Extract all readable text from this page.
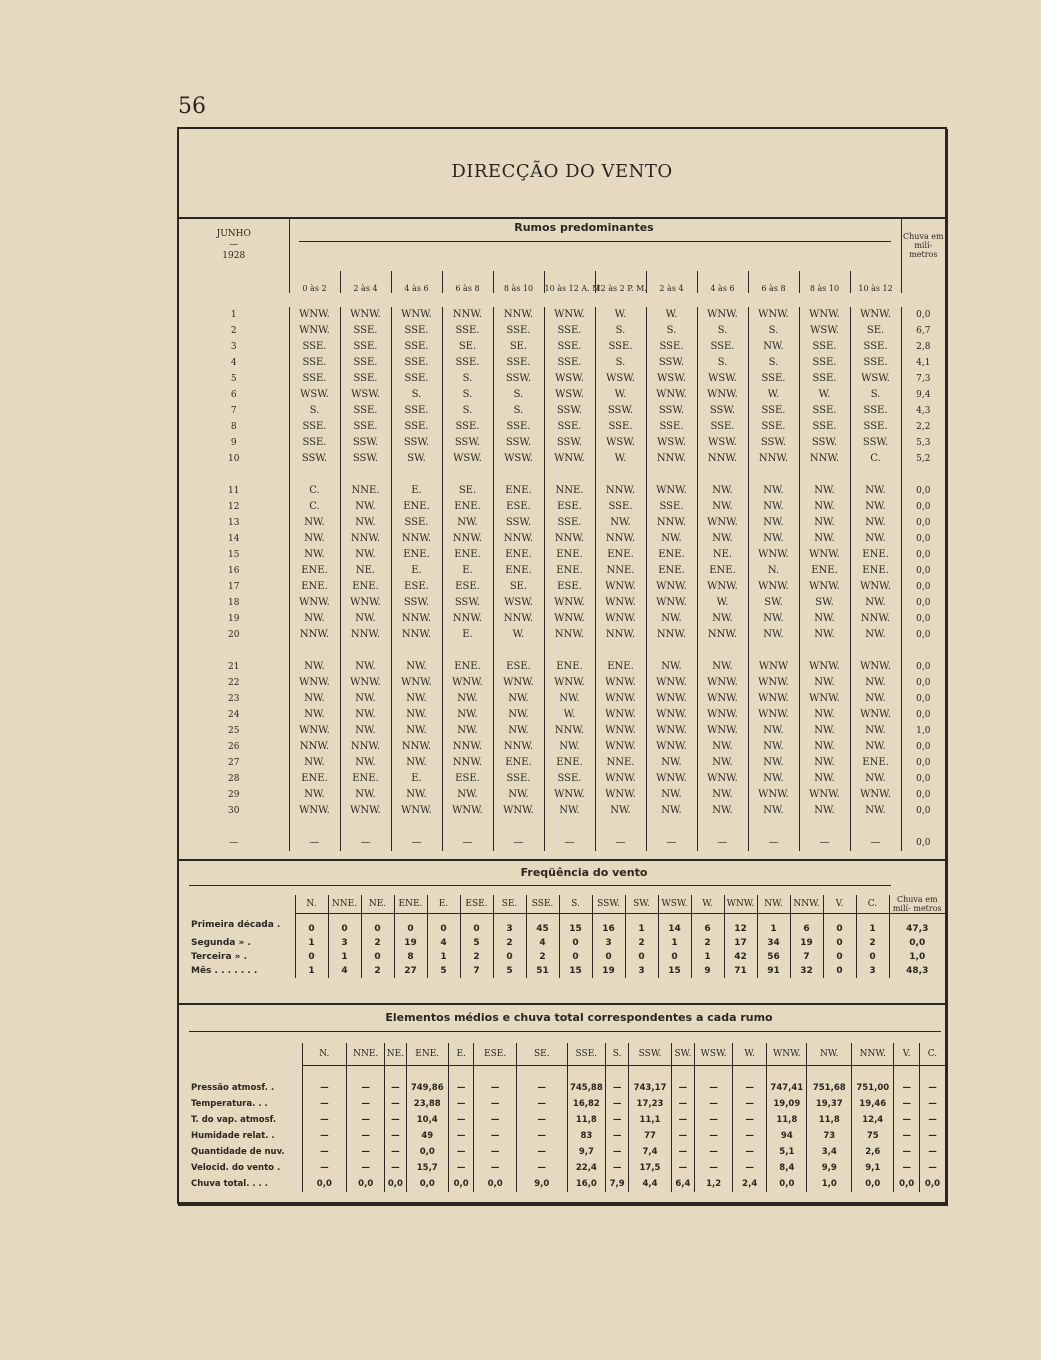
56
DIRECÇÃO DO VENTO
Rumos predominantes
JUNHO
—
1928													Chuva em milí- metros
	0 às 2	2 às 4	4 às 6	6 às 8	8 às 10	10 às 12 A. M.	12 às 2 P. M.	2 às 4	4 às 6	6 às 8	8 às 10	10 às 12	

1	WNW.	WNW.	WNW.	NNW.	NNW.	WNW.	W.	W.	WNW.	WNW.	WNW.	WNW.	0,0
2	WNW.	SSE.	SSE.	SSE.	SSE.	SSE.	S.	S.	S.	S.	WSW.	SE.	6,7
3	SSE.	SSE.	SSE.	SE.	SE.	SSE.	SSE.	SSE.	SSE.	NW.	SSE.	SSE.	2,8
4	SSE.	SSE.	SSE.	SSE.	SSE.	SSE.	S.	SSW.	S.	S.	SSE.	SSE.	4,1
5	SSE.	SSE.	SSE.	S.	SSW.	WSW.	WSW.	WSW.	WSW.	SSE.	SSE.	WSW.	7,3
6	WSW.	WSW.	S.	S.	S.	WSW.	W.	WNW.	WNW.	W.	W.	S.	9,4
7	S.	SSE.	SSE.	S.	S.	SSW.	SSW.	SSW.	SSW.	SSE.	SSE.	SSE.	4,3
8	SSE.	SSE.	SSE.	SSE.	SSE.	SSE.	SSE.	SSE.	SSE.	SSE.	SSE.	SSE.	2,2
9	SSE.	SSW.	SSW.	SSW.	SSW.	SSW.	WSW.	WSW.	WSW.	SSW.	SSW.	SSW.	5,3
10	SSW.	SSW.	SW.	WSW.	WSW.	WNW.	W.	NNW.	NNW.	NNW.	NNW.	C.	5,2

11	C.	NNE.	E.	SE.	ENE.	NNE.	NNW.	WNW.	NW.	NW.	NW.	NW.	0,0
12	C.	NW.	ENE.	ENE.	ESE.	ESE.	SSE.	SSE.	NW.	NW.	NW.	NW.	0,0
13	NW.	NW.	SSE.	NW.	SSW.	SSE.	NW.	NNW.	WNW.	NW.	NW.	NW.	0,0
14	NW.	NNW.	NNW.	NNW.	NNW.	NNW.	NNW.	NW.	NW.	NW.	NW.	NW.	0,0
15	NW.	NW.	ENE.	ENE.	ENE.	ENE.	ENE.	ENE.	NE.	WNW.	WNW.	ENE.	0,0
16	ENE.	NE.	E.	E.	ENE.	ENE.	NNE.	ENE.	ENE.	N.	ENE.	ENE.	0,0
17	ENE.	ENE.	ESE.	ESE.	SE.	ESE.	WNW.	WNW.	WNW.	WNW.	WNW.	WNW.	0,0
18	WNW.	WNW.	SSW.	SSW.	WSW.	WNW.	WNW.	WNW.	W.	SW.	SW.	NW.	0,0
19	NW.	NW.	NNW.	NNW.	NNW.	WNW.	WNW.	NW.	NW.	NW.	NW.	NNW.	0,0
20	NNW.	NNW.	NNW.	E.	W.	NNW.	NNW.	NNW.	NNW.	NW.	NW.	NW.	0,0

21	NW.	NW.	NW.	ENE.	ESE.	ENE.	ENE.	NW.	NW.	WNW	WNW.	WNW.	0,0
22	WNW.	WNW.	WNW.	WNW.	WNW.	WNW.	WNW.	WNW.	WNW.	WNW.	NW.	NW.	0,0
23	NW.	NW.	NW.	NW.	NW.	NW.	WNW.	WNW.	WNW.	WNW.	WNW.	NW.	0,0
24	NW.	NW.	NW.	NW.	NW.	W.	WNW.	WNW.	WNW.	WNW.	NW.	WNW.	0,0
25	WNW.	NW.	NW.	NW.	NW.	NNW.	WNW.	WNW.	WNW.	NW.	NW.	NW.	1,0
26	NNW.	NNW.	NNW.	NNW.	NNW.	NW.	WNW.	WNW.	NW.	NW.	NW.	NW.	0,0
27	NW.	NW.	NW.	NNW.	ENE.	ENE.	NNE.	NW.	NW.	NW.	NW.	ENE.	0,0
28	ENE.	ENE.	E.	ESE.	SSE.	SSE.	WNW.	WNW.	WNW.	NW.	NW.	NW.	0,0
29	NW.	NW.	NW.	NW.	NW.	WNW.	WNW.	NW.	NW.	WNW.	WNW.	WNW.	0,0
30	WNW.	WNW.	WNW.	WNW.	WNW.	NW.	NW.	NW.	NW.	NW.	NW.	NW.	0,0

—	—	—	—	—	—	—	—	—	—	—	—	—	0,0
Freqüência do vento
	N.	NNE.	NE.	ENE.	E.	ESE.	SE.	SSE.	S.	SSW.	SW.	WSW.	W.	WNW.	NW.	NNW.	V.	C.	Chuva em milí- metros
Primeira década .	0	0	0	0	0	0	3	45	15	16	1	14	6	12	1	6	0	1	47,3
Segunda » .	1	3	2	19	4	5	2	4	0	3	2	1	2	17	34	19	0	2	0,0
Terceira » .	0	1	0	8	1	2	0	2	0	0	0	0	1	42	56	7	0	0	1,0
Mês . . . . . . .	1	4	2	27	5	7	5	51	15	19	3	15	9	71	91	32	0	3	48,3
Elementos médios e chuva total correspondentes a cada rumo
	N.	NNE.	NE.	ENE.	E.	ESE.	SE.	SSE.	S.	SSW.	SW.	WSW.	W.	WNW.	NW.	NNW.	V.	C.
Pressão atmosf. .	—	—	—	749,86	—	—	—	745,88	—	743,17	—	—	—	747,41	751,68	751,00	—	—
Temperatura. . .	—	—	—	23,88	—	—	—	16,82	—	17,23	—	—	—	19,09	19,37	19,46	—	—
T. do vap. atmosf.	—	—	—	10,4	—	—	—	11,8	—	11,1	—	—	—	11,8	11,8	12,4	—	—
Humidade relat. .	—	—	—	49	—	—	—	83	—	77	—	—	—	94	73	75	—	—
Quantidade de nuv.	—	—	—	0,0	—	—	—	9,7	—	7,4	—	—	—	5,1	3,4	2,6	—	—
Velocid. do vento .	—	—	—	15,7	—	—	—	22,4	—	17,5	—	—	—	8,4	9,9	9,1	—	—
Chuva total. . . .	0,0	0,0	0,0	0,0	0,0	0,0	9,0	16,0	7,9	4,4	6,4	1,2	2,4	0,0	1,0	0,0	0,0	0,0
